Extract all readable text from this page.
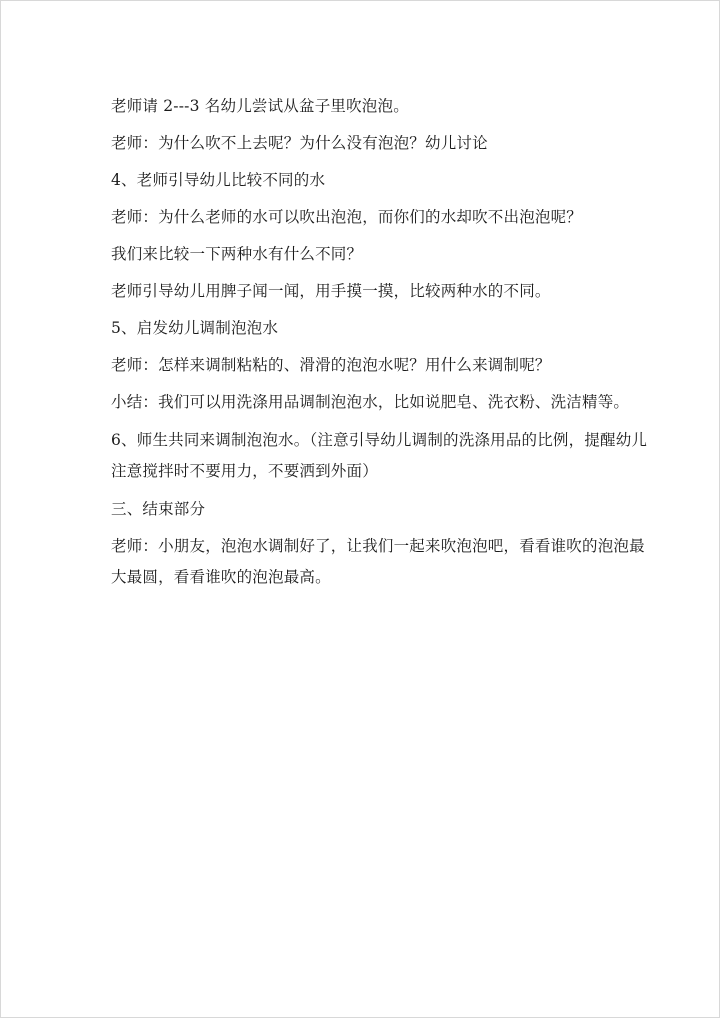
老师请 2---3 名幼儿尝试从盆子里吹泡泡。

老师：为什么吹不上去呢？为什么没有泡泡？幼儿讨论

4、老师引导幼儿比较不同的水

老师：为什么老师的水可以吹出泡泡，而你们的水却吹不出泡泡呢？

我们来比较一下两种水有什么不同？

老师引导幼儿用脾子闻一闻，用手摸一摸，比较两种水的不同。

5、启发幼儿调制泡泡水

老师：怎样来调制粘粘的、滑滑的泡泡水呢？用什么来调制呢？

小结：我们可以用洗涤用品调制泡泡水，比如说肥皂、洗衣粉、洗洁精等。

6、师生共同来调制泡泡水。（注意引导幼儿调制的洗涤用品的比例，提醒幼儿注意搅拌时不要用力，不要洒到外面）

三、结束部分

老师：小朋友，泡泡水调制好了，让我们一起来吹泡泡吧，看看谁吹的泡泡最大最圆，看看谁吹的泡泡最高。
